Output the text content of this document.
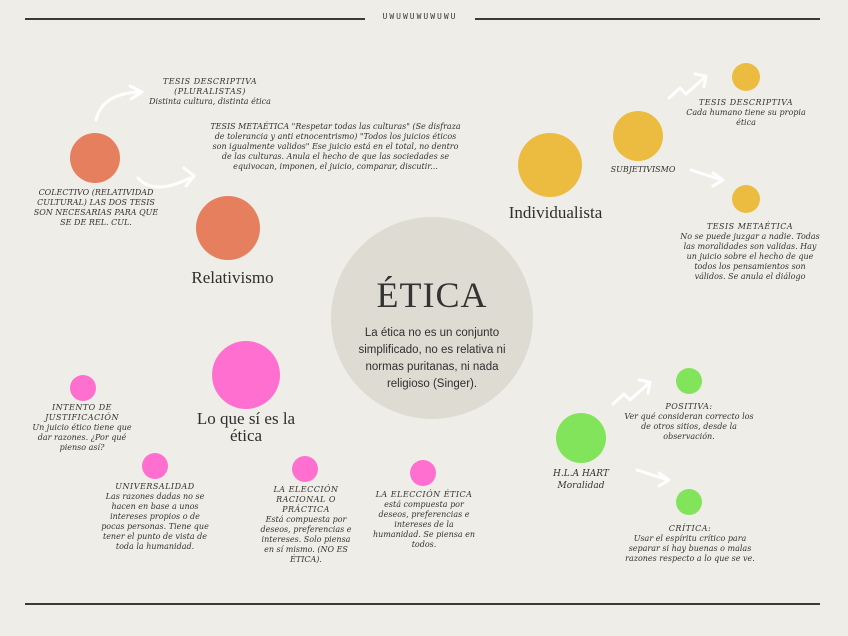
UWUWUWUWUWU
ÉTICA
La ética no es un conjunto simplificado, no es relativa ni normas puritanas, ni nada religioso (Singer).
Relativismo
COLECTIVO (RELATIVIDAD CULTURAL) LAS DOS TESIS SON NECESARIAS PARA QUE SE DE REL. CUL.
TESIS DESCRIPTIVA (PLURALISTAS)
Distinta cultura, distinta ética
TESIS METAÉTICA "Respetar todas las culturas" (Se disfraza de tolerancia y anti etnocentrismo) "Todos los juicios éticos son igualmente validos" Ese juicio está en el total, no dentro de las culturas. Anula el hecho de que las sociedades se equivocan, imponen, el juicio, comparar, discutir...
Individualista
SUBJETIVISMO
TESIS DESCRIPTIVA
Cada humano tiene su propia ética
TESIS METAÉTICA
No se puede juzgar a nadie. Todas las moralidades son validas. Hay un juicio sobre el hecho de que todos los pensamientos son válidos. Se anula el diálogo
Lo que sí es la ética
INTENTO DE JUSTIFICACIÓN
Un juicio ético tiene que dar razones. ¿Por qué pienso así?
UNIVERSALIDAD
Las razones dadas no se hacen en base a unos intereses propios o de pocas personas. Tiene que tener el punto de vista de toda la humanidad.
LA ELECCIÓN RACIONAL O PRÁCTICA
Está compuesta por deseos, preferencias e intereses. Solo piensa en sí mismo. (NO ES ÉTICA).
LA ELECCIÓN ÉTICA
está compuesta por deseos, preferencias e intereses de la humanidad. Se piensa en todos.
H.L.A HART
Moralidad
POSITIVA:
Ver qué consideran correcto los de otros sitios, desde la observación.
CRÍTICA:
Usar el espíritu crítico para separar si hay buenas o malas razones respecto a lo que se ve.
